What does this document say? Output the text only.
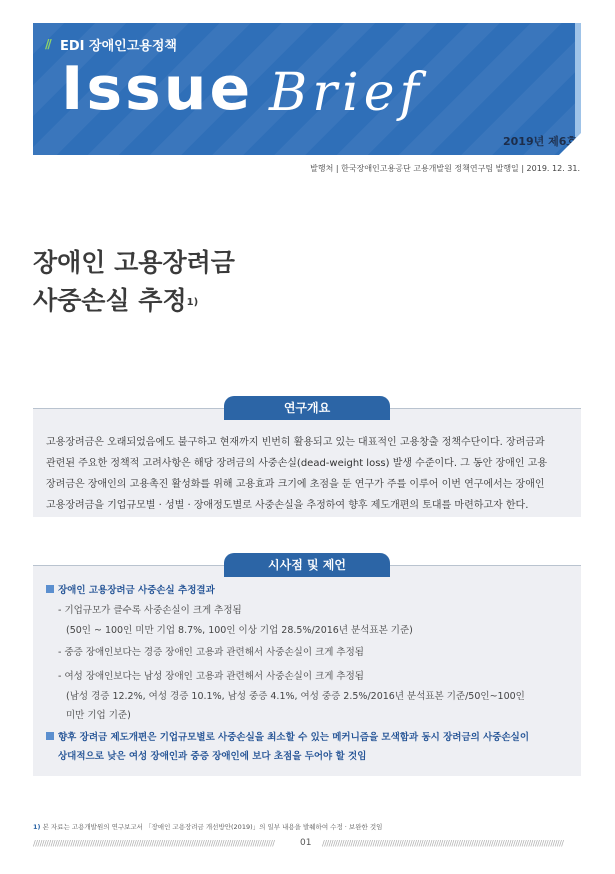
// EDI 장애인고용정책
Issue Brief
2019년 제6호
발행처 | 한국장애인고용공단 고용개발원 정책연구팀 발행일 | 2019. 12. 31.
장애인 고용장려금
사중손실 추정$^{1)}$
연구개요
고용장려금은 오래되었음에도 불구하고 현재까지 빈번히 활용되고 있는 대표적인 고용창출 정책수단이다. 장려금과
관련된 주요한 정책적 고려사항은 해당 장려금의 사중손실(dead-weight loss) 발생 수준이다. 그 동안 장애인 고용
장려금은 장애인의 고용촉진 활성화를 위해 고용효과 크기에 초점을 둔 연구가 주를 이루어 이번 연구에서는 장애인
고용장려금을 기업규모별 · 성별 · 장애정도별로 사중손실을 추정하여 향후 제도개편의 토대를 마련하고자 한다.
시사점 및 제언
장애인 고용장려금 사중손실 추정결과
- 기업규모가 클수록 사중손실이 크게 추정됨
(50인 ~ 100인 미만 기업 8.7%, 100인 이상 기업 28.5%/2016년 분석표본 기준)
- 중증 장애인보다는 경증 장애인 고용과 관련해서 사중손실이 크게 추정됨
- 여성 장애인보다는 남성 장애인 고용과 관련해서 사중손실이 크게 추정됨
(남성 경증 12.2%, 여성 경증 10.1%, 남성 중증 4.1%, 여성 중증 2.5%/2016년 분석표본 기준/50인~100인
미만 기업 기준)
향후 장려금 제도개편은 기업규모별로 사중손실을 최소할 수 있는 메커니즘을 모색함과 동시 장려금의 사중손실이
상대적으로 낮은 여성 장애인과 중증 장애인에 보다 초점을 두어야 할 것임
1) 본 자료는 고용개발원의 연구보고서 「장애인 고용장려금 개선방안(2019)」의 일부 내용을 발췌하여 수정 · 보완한 것임
//////////////////////////////////////////////////////////////////////////////////////////////////////////////	01 //////////////////////////////////////////////////////////////////////////////////////////////////////////////
